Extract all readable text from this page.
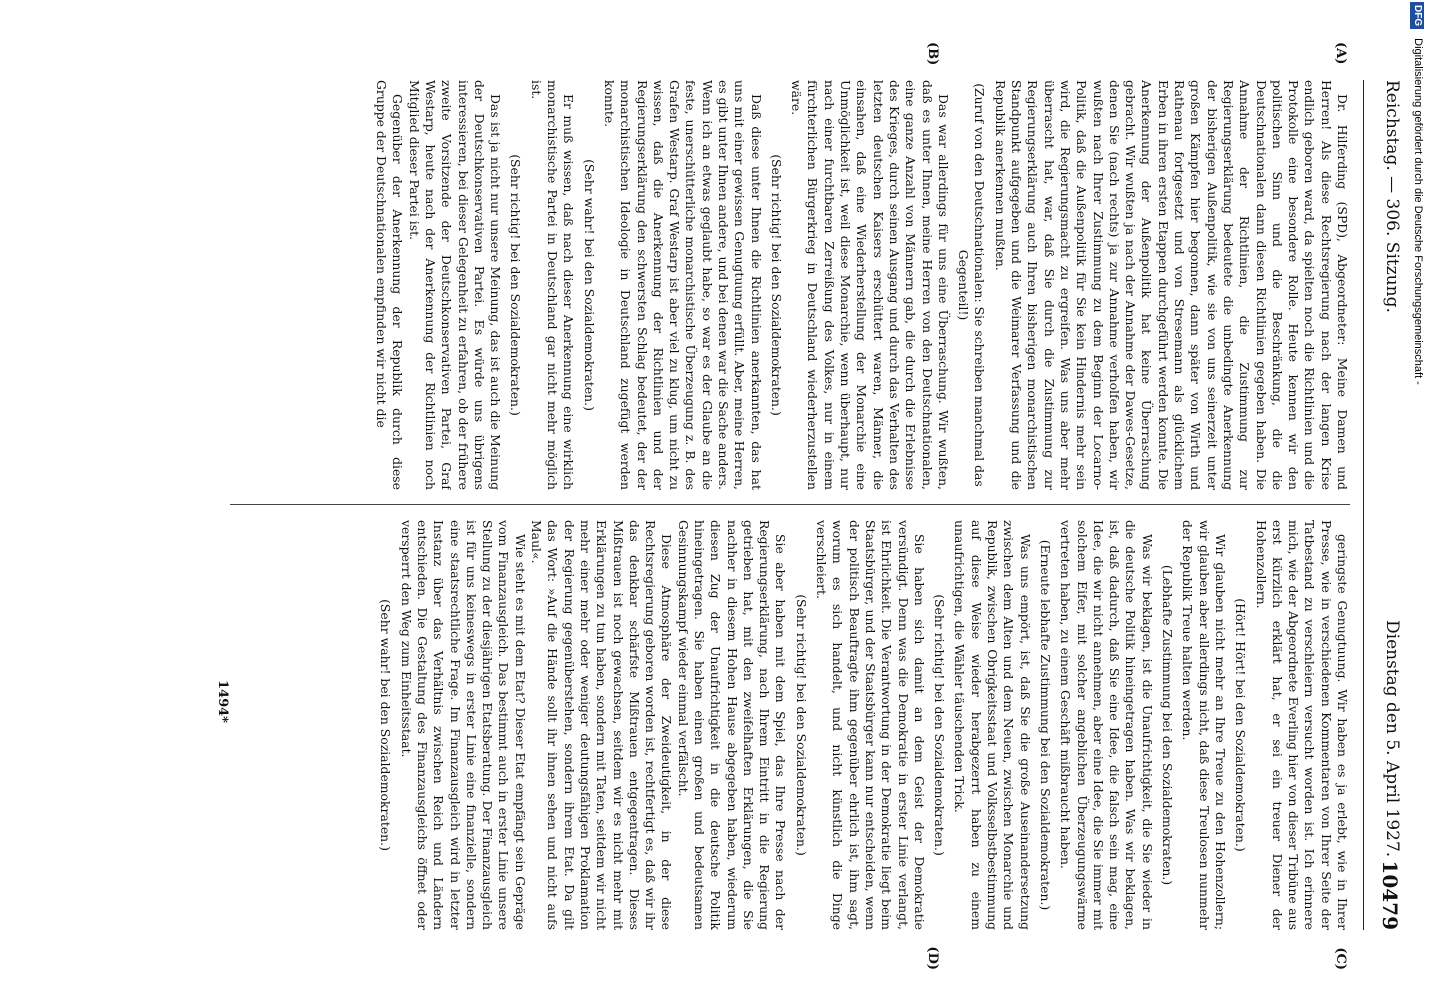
Reichstag. — 306. Sitzung.
Dienstag den 5. April 1927.
10479
(A)
(B)
(C)
(D)

Dr. Hilferding (SPD), Abgeordneter: Meine Damen und Herren! Als diese Rechtsregierung nach der langen Krise endlich geboren ward, da spielten noch die Richtlinien und die Protokolle eine besondere Rolle. Heute kennen wir den politischen Sinn und die Beschränkung, die die Deutschnationalen dann diesen Richtlinien gegeben haben. Die Annahme der Richtlinien, die Zustimmung zur Regierungserklärung bedeutete die unbedingte Anerkennung der bisherigen Außenpolitik, wie sie von uns seinerzeit unter großen Kämpfen hier begonnen, dann später von Wirth und Rathenau fortgesetzt und von Stresemann als glücklichem Erben in ihren ersten Etappen durchgeführt werden konnte. Die Anerkennung der Außenpolitik hat keine Überraschung gebracht. Wir wußten ja nach der Annahme der Dawes-Gesetze, denen Sie (nach rechts) ja zur Annahme verholfen haben, wir wußten nach Ihrer Zustimmung zu dem Beginn der Locarno-Politik, daß die Außenpolitik für Sie kein Hindernis mehr sein wird, die Regierungsmacht zu ergreifen. Was uns aber mehr überrascht hat, war, daß Sie durch die Zustimmung zur Regierungserklärung auch Ihren bisherigen monarchistischen Standpunkt aufgegeben und die Weimarer Verfassung und die Republik anerkennen mußten.

(Zuruf von den Deutschnationalen: Sie schreiben manchmal das Gegenteil!)

Das war allerdings für uns eine Überraschung. Wir wußten, daß es unter Ihnen, meine Herren von den Deutschnationalen, eine ganze Anzahl von Männern gab, die durch die Erlebnisse des Krieges, durch seinen Ausgang und durch das Verhalten des letzten deutschen Kaisers erschüttert waren, Männer, die einsahen, daß eine Wiederherstellung der Monarchie eine Unmöglichkeit ist, weil diese Monarchie, wenn überhaupt, nur nach einer furchtbaren Zerreißung des Volkes, nur in einem fürchterlichen Bürgerkrieg in Deutschland wiederherzustellen wäre.

(Sehr richtig! bei den Sozialdemokraten.)

Daß diese unter Ihnen die Richtlinien anerkannten, das hat uns mit einer gewissen Genugtuung erfüllt. Aber, meine Herren, es gibt unter Ihnen andere, und bei denen war die Sache anders. Wenn ich an etwas geglaubt habe, so war es der Glaube an die feste, unerschütterliche monarchistische Überzeugung z. B. des Grafen Westarp. Graf Westarp ist aber viel zu klug, um nicht zu wissen, daß die Anerkennung der Richtlinien und der Regierungserklärung den schwersten Schlag bedeutet, der der monarchistischen Ideologie in Deutschland zugefügt werden konnte.

(Sehr wahr! bei den Sozialdemokraten.)

Er muß wissen, daß nach dieser Anerkennung eine wirklich monarchistische Partei in Deutschland gar nicht mehr möglich ist.

(Sehr richtig! bei den Sozialdemokraten.)

Das ist ja nicht nur unsere Meinung, das ist auch die Meinung der Deutschkonservativen Partei. Es würde uns übrigens interessieren, bei dieser Gelegenheit zu erfahren, ob der frühere zweite Vorsitzende der Deutschkonservativen Partei, Graf Westarp, heute nach der Anerkennung der Richtlinien noch Mitglied dieser Partei ist.

Gegenüber der Anerkennung der Republik durch diese Gruppe der Deutschnationalen empfinden wir nicht die

geringste Genugtuung. Wir haben es ja erlebt, wie in Ihrer Presse, wie in verschiedenen Kommentaren von Ihrer Seite der Tatbestand zu verschleiern versucht worden ist. Ich erinnere mich, wie der Abgeordnete Everling hier von dieser Tribüne aus erst kürzlich erklärt hat, er sei ein treuer Diener der Hohenzollern.

(Hört! Hört! bei den Sozialdemokraten.)

Wir glauben nicht mehr an Ihre Treue zu den Hohenzollern; wir glauben aber allerdings nicht, daß diese Treulosen nunmehr der Republik Treue halten werden.

(Lebhafte Zustimmung bei den Sozialdemokraten.)

Was wir beklagen, ist die Unaufrichtigkeit, die Sie wieder in die deutsche Politik hineingetragen haben. Was wir beklagen, ist, daß dadurch, daß Sie eine Idee, die falsch sein mag, eine Idee, die wir nicht annehmen, aber eine Idee, die Sie immer mit solchem Eifer, mit solcher angeblichen Überzeugungswärme vertreten haben, zu einem Geschäft mißbraucht haben.

(Erneute lebhafte Zustimmung bei den Sozialdemokraten.)

Was uns empört, ist, daß Sie die große Auseinandersetzung zwischen dem Alten und dem Neuen, zwischen Monarchie und Republik, zwischen Obrigkeitsstaat und Volksselbstbestimmung auf diese Weise wieder herabgezerrt haben zu einem unaufrichtigen, die Wähler täuschenden Trick.

(Sehr richtig! bei den Sozialdemokraten.)

Sie haben sich damit an dem Geist der Demokratie versündigt. Denn was die Demokratie in erster Linie verlangt, ist Ehrlichkeit. Die Verantwortung in der Demokratie liegt beim Staatsbürger, und der Staatsbürger kann nur entscheiden, wenn der politisch Beauftragte ihm gegenüber ehrlich ist, ihm sagt, worum es sich handelt, und nicht künstlich die Dinge verschleiert.

(Sehr richtig! bei den Sozialdemokraten.)

Sie aber haben mit dem Spiel, das Ihre Presse nach der Regierungserklärung, nach Ihrem Eintritt in die Regierung getrieben hat, mit den zweifelhaften Erklärungen, die Sie nachher in diesem Hohen Hause abgegeben haben, wiederum diesen Zug der Unaufrichtigkeit in die deutsche Politik hineingetragen. Sie haben einen großen und bedeutsamen Gesinnungskampf wieder einmal verfälscht.

Diese Atmosphäre der Zweideutigkeit, in der diese Rechtsregierung geboren worden ist, rechtfertigt es, daß wir ihr das denkbar schärfste Mißtrauen entgegentragen. Dieses Mißtrauen ist noch gewachsen, seitdem wir es nicht mehr mit Erklärungen zu tun haben, sondern mit Taten, seitdem wir nicht mehr einer mehr oder weniger deutungsfähigen Proklamation der Regierung gegenüberstehen, sondern ihrem Etat. Da gilt das Wort: »Auf die Hände sollt ihr ihnen sehen und nicht aufs Maul«.

Wie steht es mit dem Etat? Dieser Etat empfängt sein Gepräge vom Finanzausgleich. Das bestimmt auch in erster Linie unsere Stellung zu der diesjährigen Etatsberatung. Der Finanzausgleich ist für uns keineswegs in erster Linie eine finanzielle, sondern eine staatsrechtliche Frage. Im Finanzausgleich wird in letzter Instanz über das Verhältnis zwischen Reich und Ländern entschieden. Die Gestaltung des Finanzausgleichs öffnet oder versperrt den Weg zum Einheitsstaat.

(Sehr wahr! bei den Sozialdemokraten.)

1494*
DFG Digitalisierung gefördert durch die Deutsche Forschungsgemeinschaft -
